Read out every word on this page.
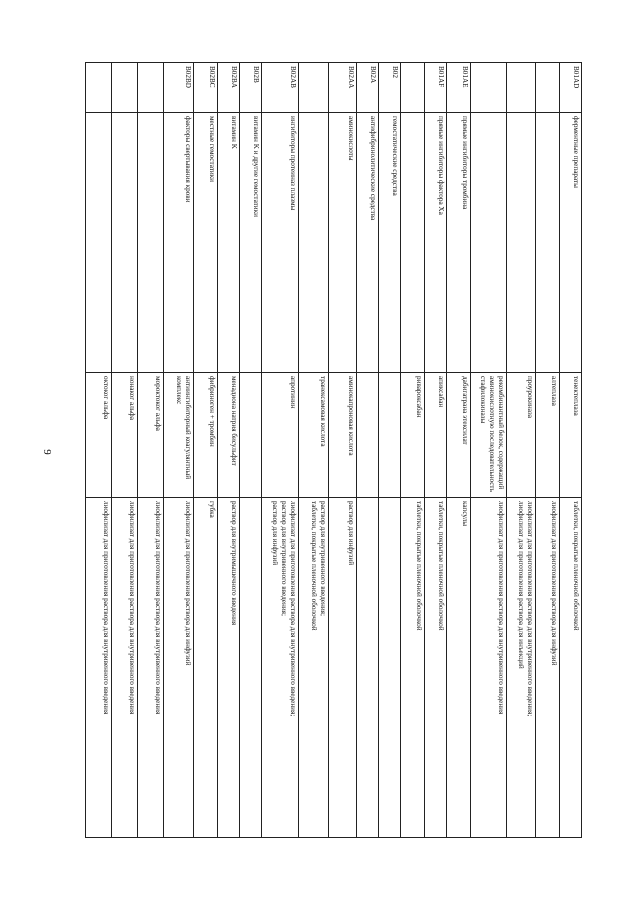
9
B01AD	ферментные препараты	тенектеплаза	таблетки, покрытые пленочной оболочкой

		алтеплаза	лиофилизат для приготовления раствора для инфузий

		проурокиназа	лиофилизат для приготовления раствора для внутривенного введения;
лиофилизат для приготовления раствора для инъекций

		рекомбинантный белок, содержащий аминокислотную последовательность стафилокиназы	лиофилизат для приготовления раствора для внутривенного введения

B01AE	прямые ингибиторы тромбина	дабигатрана этексилат	капсулы

B01AF	прямые ингибиторы фактора Xa	апиксабан	таблетки, покрытые пленочной оболочкой

		ривароксабан	таблетки, покрытые пленочной оболочкой

B02	гемостатические средства		
B02A	антифибринолитические средства		
B02AA	аминокислоты	аминокапроновая кислота	раствор для инфузий

		транексамовая кислота	раствор для внутривенного введения;
таблетки, покрытые пленочной оболочкой

B02AB	ингибиторы протеиназ плазмы	апротинин	лиофилизат для приготовления раствора для внутривенного введения;
раствор для внутривенного введения;
раствор для инфузий

B02B	витамин K и другие гемостатики		
B02BA	витамин K	менадиона натрия бисульфит	раствор для внутримышечного введения

B02BC	местные гемостатики	фибриноген + тромбин	губка

B02BD	факторы свертывания крови	антиингибиторный коагулянтный комплекс	лиофилизат для приготовления раствора для инфузий

		мороктоког альфа	лиофилизат для приготовления раствора для внутривенного введения

		нонаког альфа	лиофилизат для приготовления раствора для внутривенного введения

		октоког альфа	лиофилизат для приготовления раствора для внутривенного введения
